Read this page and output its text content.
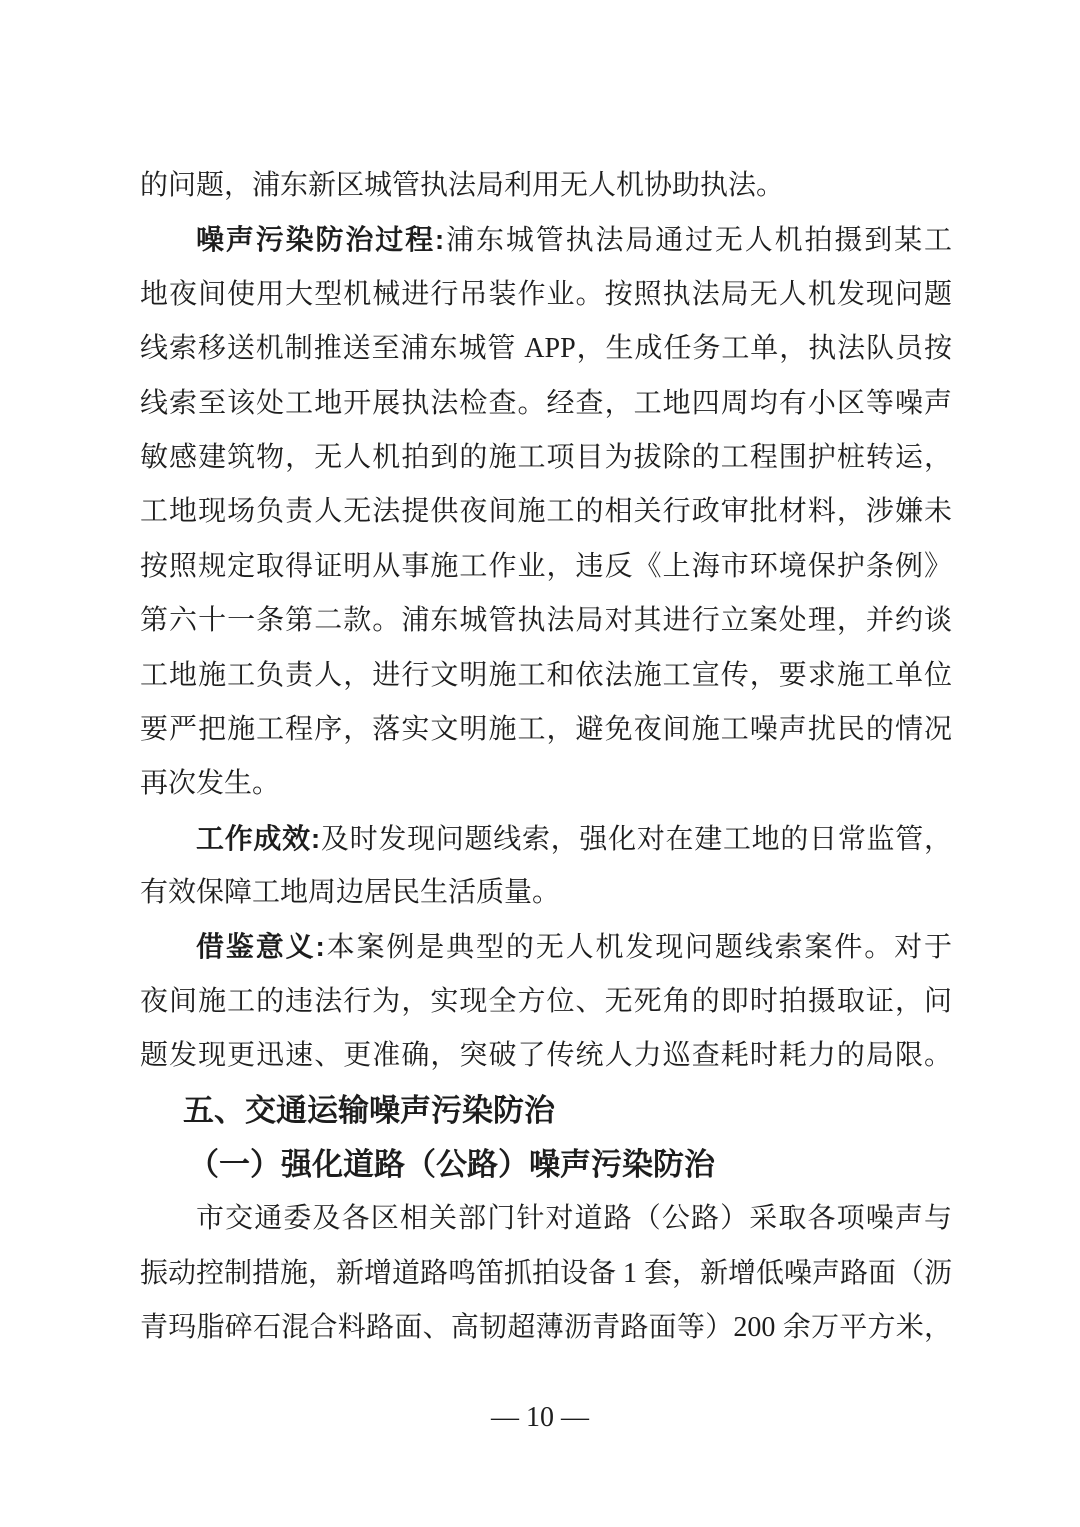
的问题，浦东新区城管执法局利用无人机协助执法。
噪声污染防治过程:浦东城管执法局通过无人机拍摄到某工
地夜间使用大型机械进行吊装作业。按照执法局无人机发现问题
线索移送机制推送至浦东城管 APP，生成任务工单，执法队员按
线索至该处工地开展执法检查。经查，工地四周均有小区等噪声
敏感建筑物，无人机拍到的施工项目为拔除的工程围护桩转运，
工地现场负责人无法提供夜间施工的相关行政审批材料，涉嫌未
按照规定取得证明从事施工作业，违反《上海市环境保护条例》
第六十一条第二款。浦东城管执法局对其进行立案处理，并约谈
工地施工负责人，进行文明施工和依法施工宣传，要求施工单位
要严把施工程序，落实文明施工，避免夜间施工噪声扰民的情况
再次发生。
工作成效:及时发现问题线索，强化对在建工地的日常监管，
有效保障工地周边居民生活质量。
借鉴意义:本案例是典型的无人机发现问题线索案件。对于
夜间施工的违法行为，实现全方位、无死角的即时拍摄取证，问
题发现更迅速、更准确，突破了传统人力巡查耗时耗力的局限。
五、交通运输噪声污染防治
（一）强化道路（公路）噪声污染防治
市交通委及各区相关部门针对道路（公路）采取各项噪声与
振动控制措施，新增道路鸣笛抓拍设备 1 套，新增低噪声路面（沥
青玛脂碎石混合料路面、高韧超薄沥青路面等）200 余万平方米，
— 10 —
